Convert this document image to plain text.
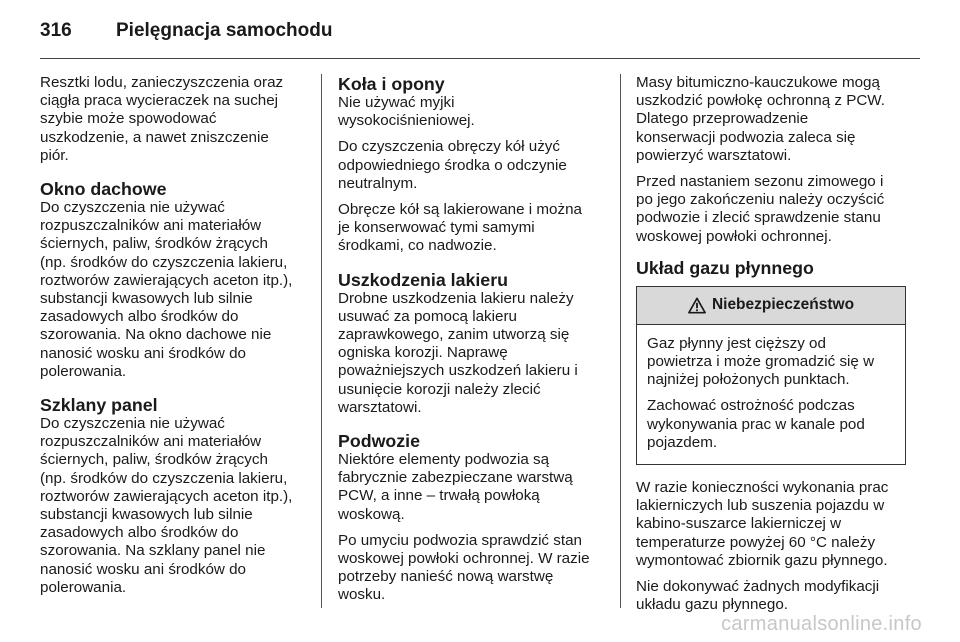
316	Pielęgnacja samochodu

Resztki lodu, zanieczyszczenia oraz
ciągła praca wycieraczek na suchej
szybie może spowodować
uszkodzenie, a nawet zniszczenie
piór.

Okno dachowe

Do czyszczenia nie używać
rozpuszczalników ani materiałów
ściernych, paliw, środków żrących
(np. środków do czyszczenia lakieru,
roztworów zawierających aceton itp.),
substancji kwasowych lub silnie
zasadowych albo środków do
szorowania. Na okno dachowe nie
nanosić wosku ani środków do
polerowania.

Szklany panel

Do czyszczenia nie używać
rozpuszczalników ani materiałów
ściernych, paliw, środków żrących
(np. środków do czyszczenia lakieru,
roztworów zawierających aceton itp.),
substancji kwasowych lub silnie
zasadowych albo środków do
szorowania. Na szklany panel nie
nanosić wosku ani środków do
polerowania.

Koła i opony

Nie używać myjki
wysokociśnieniowej.

Do czyszczenia obręczy kół użyć
odpowiedniego środka o odczynie
neutralnym.

Obręcze kół są lakierowane i można
je konserwować tymi samymi
środkami, co nadwozie.

Uszkodzenia lakieru

Drobne uszkodzenia lakieru należy
usuwać za pomocą lakieru
zaprawkowego, zanim utworzą się
ogniska korozji. Naprawę
poważniejszych uszkodzeń lakieru i
usunięcie korozji należy zlecić
warsztatowi.

Podwozie

Niektóre elementy podwozia są
fabrycznie zabezpieczane warstwą
PCW, a inne – trwałą powłoką
woskową.

Po umyciu podwozia sprawdzić stan
woskowej powłoki ochronnej. W razie
potrzeby nanieść nową warstwę
wosku.

Masy bitumiczno-kauczukowe mogą
uszkodzić powłokę ochronną z PCW.
Dlatego przeprowadzenie
konserwacji podwozia zaleca się
powierzyć warsztatowi.

Przed nastaniem sezonu zimowego i
po jego zakończeniu należy oczyścić
podwozie i zlecić sprawdzenie stanu
woskowej powłoki ochronnej.

Układ gazu płynnego
Niebezpieczeństwo

Gaz płynny jest cięższy od
powietrza i może gromadzić się w
najniżej położonych punktach.

Zachować ostrożność podczas
wykonywania prac w kanale pod
pojazdem.

W razie konieczności wykonania prac
lakierniczych lub suszenia pojazdu w
kabino-suszarce lakierniczej w
temperaturze powyżej 60 °C należy
wymontować zbiornik gazu płynnego.

Nie dokonywać żadnych modyfikacji
układu gazu płynnego.

carmanualsonline.info
